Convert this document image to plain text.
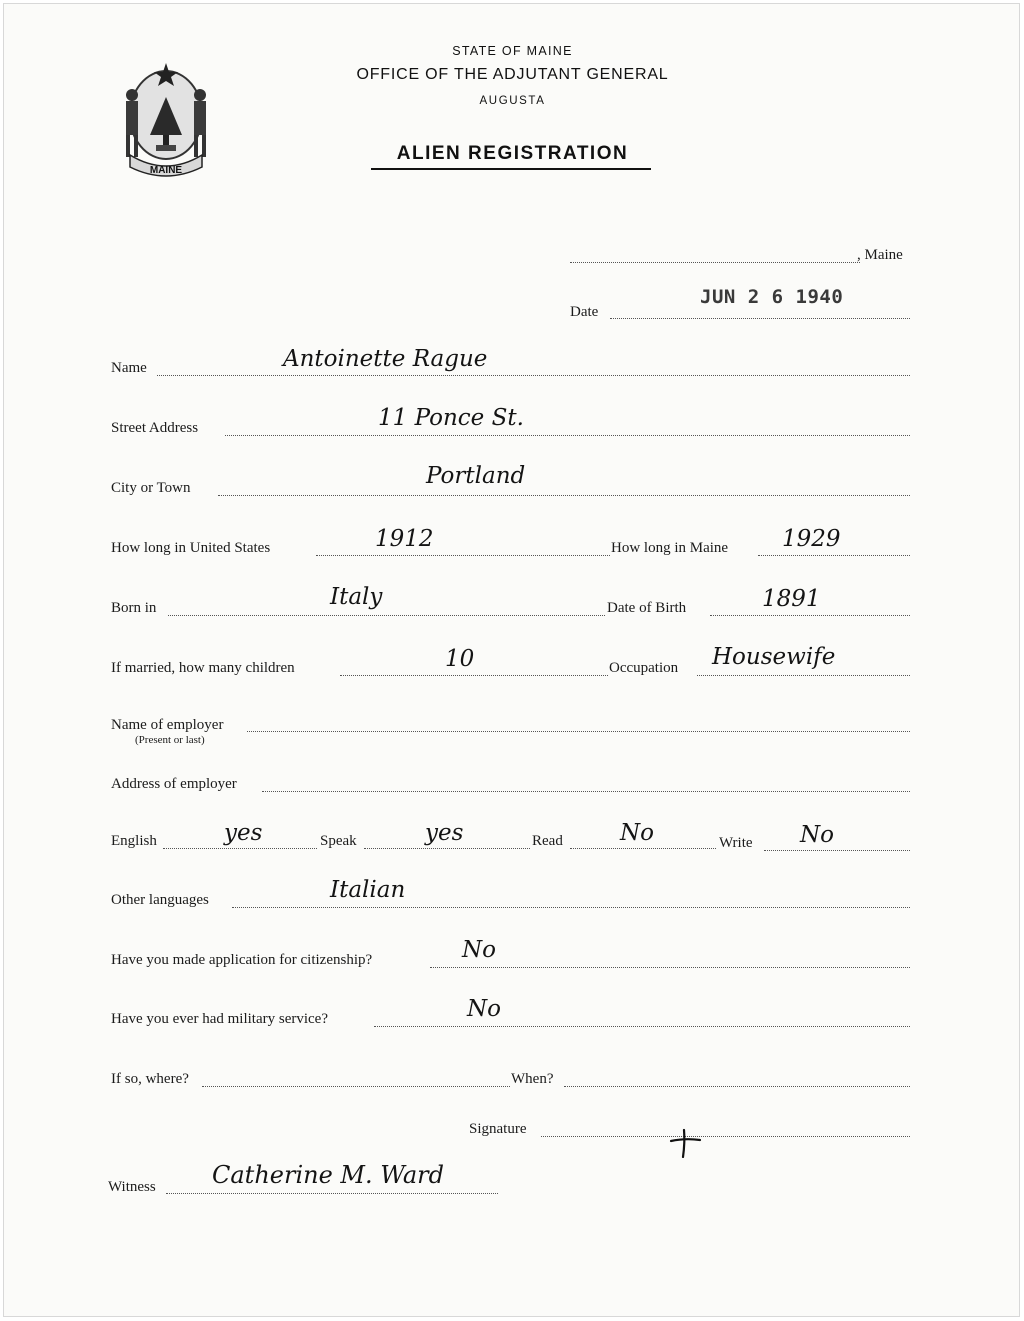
MAINE
STATE OF MAINE
OFFICE OF THE ADJUTANT GENERAL
AUGUSTA
ALIEN REGISTRATION
, Maine
Date
JUN 2 6 1940
Name	Antoinette Rague
Street Address	11 Ponce St.
City or Town	Portland
How long in United States	1912	How long in Maine 1929
Born in	Italy	Date of Birth	1891
If married, how many children	10	Occupation Housewife
Name of employer
(Present or last)
Address of employer
English	yes	Speak	yes	Read No	Write No
Other languages	Italian
Have you made application for citizenship?	No
Have you ever had military service?	No
If so, where?	When?
Signature
Witness Catherine M. Ward
